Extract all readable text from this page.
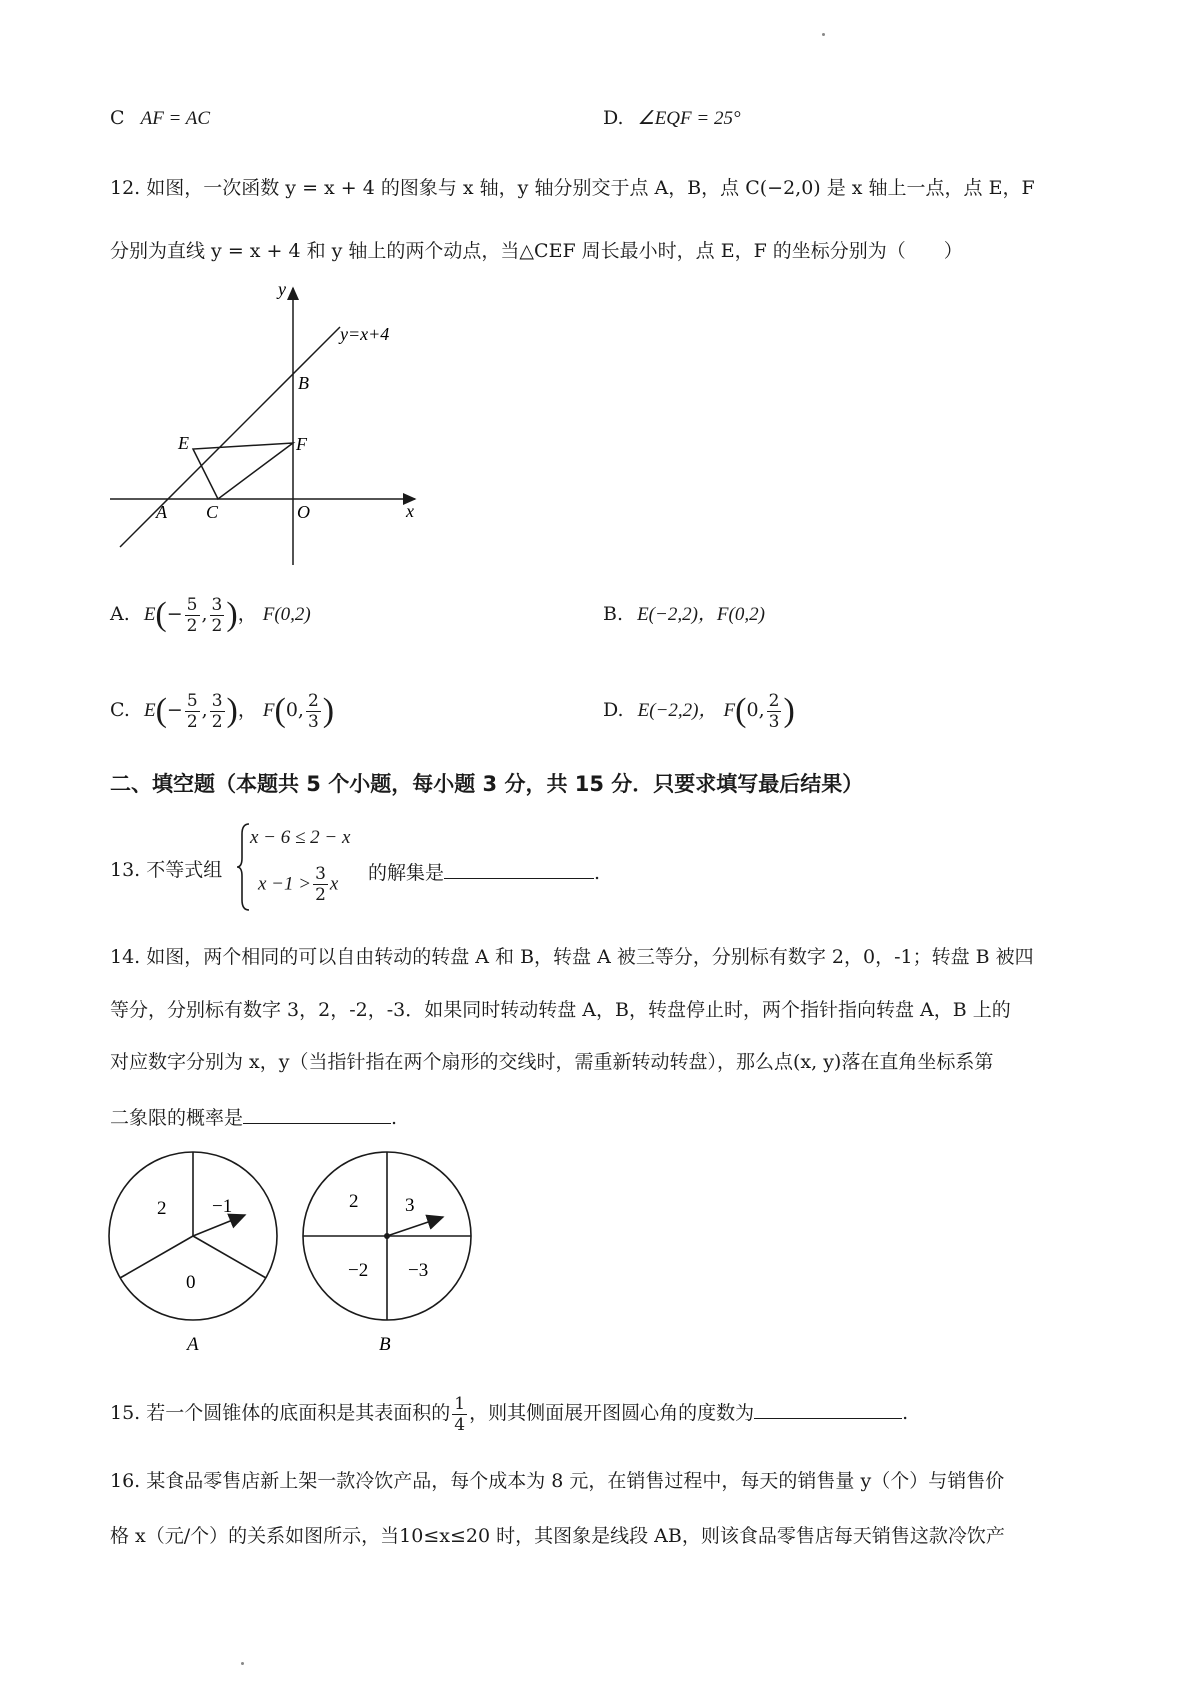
C AF = AC	D. ∠EQF = 25°
12. 如图，一次函数 y = x + 4 的图象与 x 轴，y 轴分别交于点 A，B，点 C(−2,0) 是 x 轴上一点，点 E，F
分别为直线 y = x + 4 和 y 轴上的两个动点，当△CEF 周长最小时，点 E，F 的坐标分别为（　　）
y
x
y=x+4
B
E	F
A C	O
A. $E(- \frac{5}{2}$ , $\frac{3}{2}$ )， F(0,2)	B. E(−2,2)，F(0,2)
C. $E(- \frac{5}{2}$ , $\frac{3}{2}$ )， F(0, $\frac{2}{3}$ )	D. E(−2,2)， F(0, $\frac{2}{3}$ )
二、填空题（本题共 5 个小题，每小题 3 分，共 15 分．只要求填写最后结果）
13. 不等式组
x − 6 ≤ 2 − x
$x -1 > \frac{3}{2}$ x 的解集是	.
14. 如图，两个相同的可以自由转动的转盘 A 和 B，转盘 A 被三等分，分别标有数字 2，0，-1；转盘 B 被四
等分，分别标有数字 3，2，-2，-3．如果同时转动转盘 A，B，转盘停止时，两个指针指向转盘 A，B 上的
对应数字分别为 x，y（当指针指在两个扇形的交线时，需重新转动转盘），那么点(x, y)落在直角坐标系第
二象限的概率是	.
2 −1
0
A
2 3
−2 −3
B
15. 若一个圆锥体的底面积是其表面积的 $\frac{1}{4}$ ，则其侧面展开图圆心角的度数为	.
16. 某食品零售店新上架一款冷饮产品，每个成本为 8 元，在销售过程中，每天的销售量 y（个）与销售价
格 x（元/个）的关系如图所示，当10≤x≤20 时，其图象是线段 AB，则该食品零售店每天销售这款冷饮产
